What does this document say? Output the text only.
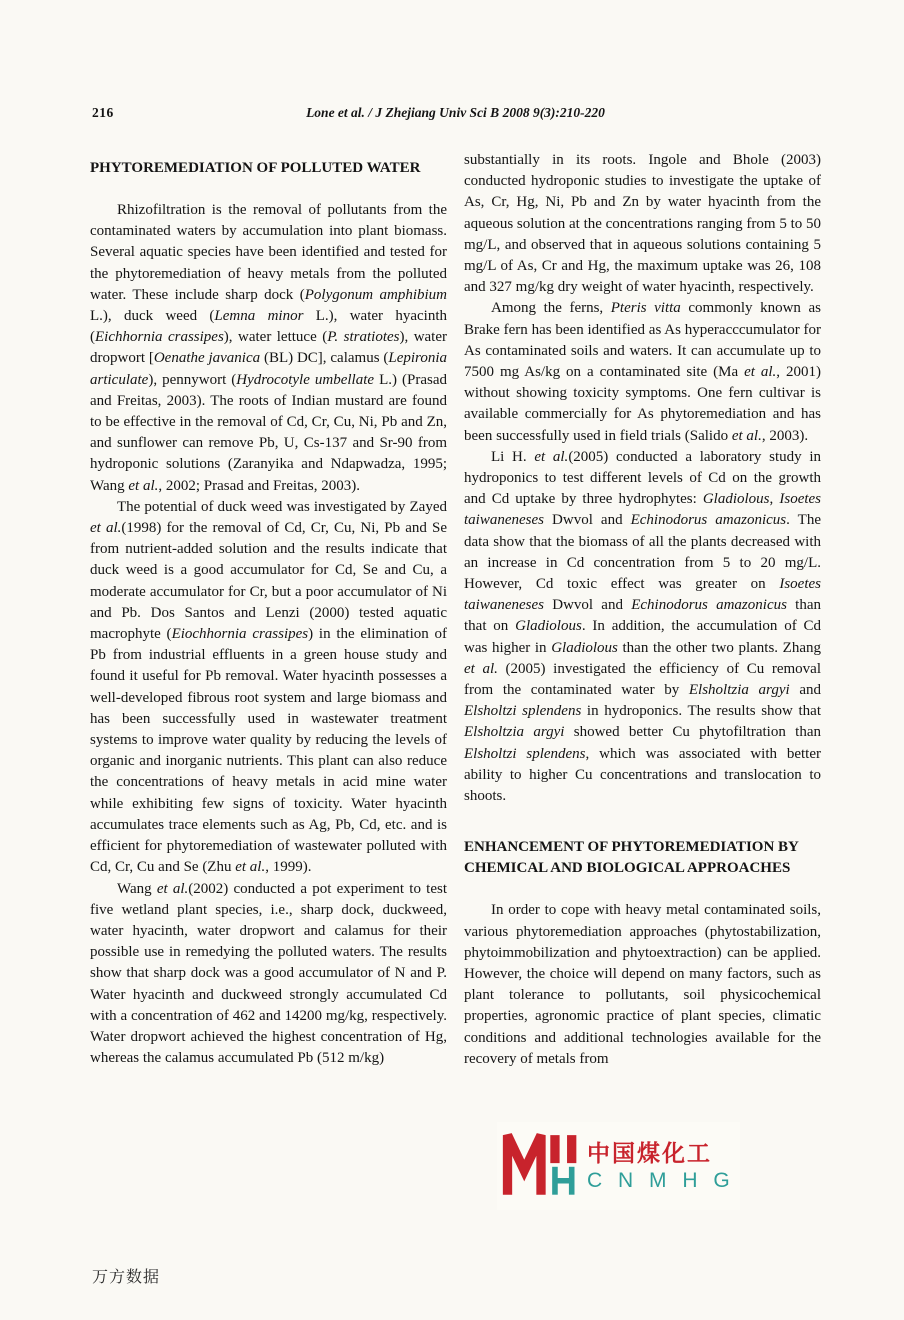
216	Lone et al. / J Zhejiang Univ Sci B 2008 9(3):210-220
PHYTOREMEDIATION OF POLLUTED WATER

Rhizofiltration is the removal of pollutants from the contaminated waters by accumulation into plant biomass. Several aquatic species have been identified and tested for the phytoremediation of heavy metals from the polluted water. These include sharp dock (Polygonum amphibium L.), duck weed (Lemna minor L.), water hyacinth (Eichhornia crassipes), water lettuce (P. stratiotes), water dropwort [Oenathe javanica (BL) DC], calamus (Lepironia articulate), pennywort (Hydrocotyle umbellate L.) (Prasad and Freitas, 2003). The roots of Indian mustard are found to be effective in the removal of Cd, Cr, Cu, Ni, Pb and Zn, and sunflower can remove Pb, U, Cs-137 and Sr-90 from hydroponic solutions (Zaranyika and Ndapwadza, 1995; Wang et al., 2002; Prasad and Freitas, 2003).

The potential of duck weed was investigated by Zayed et al.(1998) for the removal of Cd, Cr, Cu, Ni, Pb and Se from nutrient-added solution and the results indicate that duck weed is a good accumulator for Cd, Se and Cu, a moderate accumulator for Cr, but a poor accumulator of Ni and Pb. Dos Santos and Lenzi (2000) tested aquatic macrophyte (Eiochhornia crassipes) in the elimination of Pb from industrial effluents in a green house study and found it useful for Pb removal. Water hyacinth possesses a well-developed fibrous root system and large biomass and has been successfully used in wastewater treatment systems to improve water quality by reducing the levels of organic and inorganic nutrients. This plant can also reduce the concentrations of heavy metals in acid mine water while exhibiting few signs of toxicity. Water hyacinth accumulates trace elements such as Ag, Pb, Cd, etc. and is efficient for phytoremediation of wastewater polluted with Cd, Cr, Cu and Se (Zhu et al., 1999).

Wang et al.(2002) conducted a pot experiment to test five wetland plant species, i.e., sharp dock, duckweed, water hyacinth, water dropwort and calamus for their possible use in remedying the polluted waters. The results show that sharp dock was a good accumulator of N and P. Water hyacinth and duckweed strongly accumulated Cd with a concentration of 462 and 14200 mg/kg, respectively. Water dropwort achieved the highest concentration of Hg, whereas the calamus accumulated Pb (512 m/kg)

substantially in its roots. Ingole and Bhole (2003) conducted hydroponic studies to investigate the uptake of As, Cr, Hg, Ni, Pb and Zn by water hyacinth from the aqueous solution at the concentrations ranging from 5 to 50 mg/L, and observed that in aqueous solutions containing 5 mg/L of As, Cr and Hg, the maximum uptake was 26, 108 and 327 mg/kg dry weight of water hyacinth, respectively.

Among the ferns, Pteris vitta commonly known as Brake fern has been identified as As hyperacccumulator for As contaminated soils and waters. It can accumulate up to 7500 mg As/kg on a contaminated site (Ma et al., 2001) without showing toxicity symptoms. One fern cultivar is available commercially for As phytoremediation and has been successfully used in field trials (Salido et al., 2003).

Li H. et al.(2005) conducted a laboratory study in hydroponics to test different levels of Cd on the growth and Cd uptake by three hydrophytes: Gladiolous, Isoetes taiwaneneses Dwvol and Echinodorus amazonicus. The data show that the biomass of all the plants decreased with an increase in Cd concentration from 5 to 20 mg/L. However, Cd toxic effect was greater on Isoetes taiwaneneses Dwvol and Echinodorus amazonicus than that on Gladiolous. In addition, the accumulation of Cd was higher in Gladiolous than the other two plants. Zhang et al. (2005) investigated the efficiency of Cu removal from the contaminated water by Elsholtzia argyi and Elsholtzi splendens in hydroponics. The results show that Elsholtzia argyi showed better Cu phytofiltration than Elsholtzi splendens, which was associated with better ability to higher Cu concentrations and translocation to shoots.

ENHANCEMENT OF PHYTOREMEDIATION BY CHEMICAL AND BIOLOGICAL APPROACHES

In order to cope with heavy metal contaminated soils, various phytoremediation approaches (phytostabilization, phytoimmobilization and phytoextraction) can be applied. However, the choice will depend on many factors, such as plant tolerance to pollutants, soil physicochemical properties, agronomic practice of plant species, climatic conditions and additional technologies available for the recovery of metals from

中国煤化工
C N M H G
万方数据
